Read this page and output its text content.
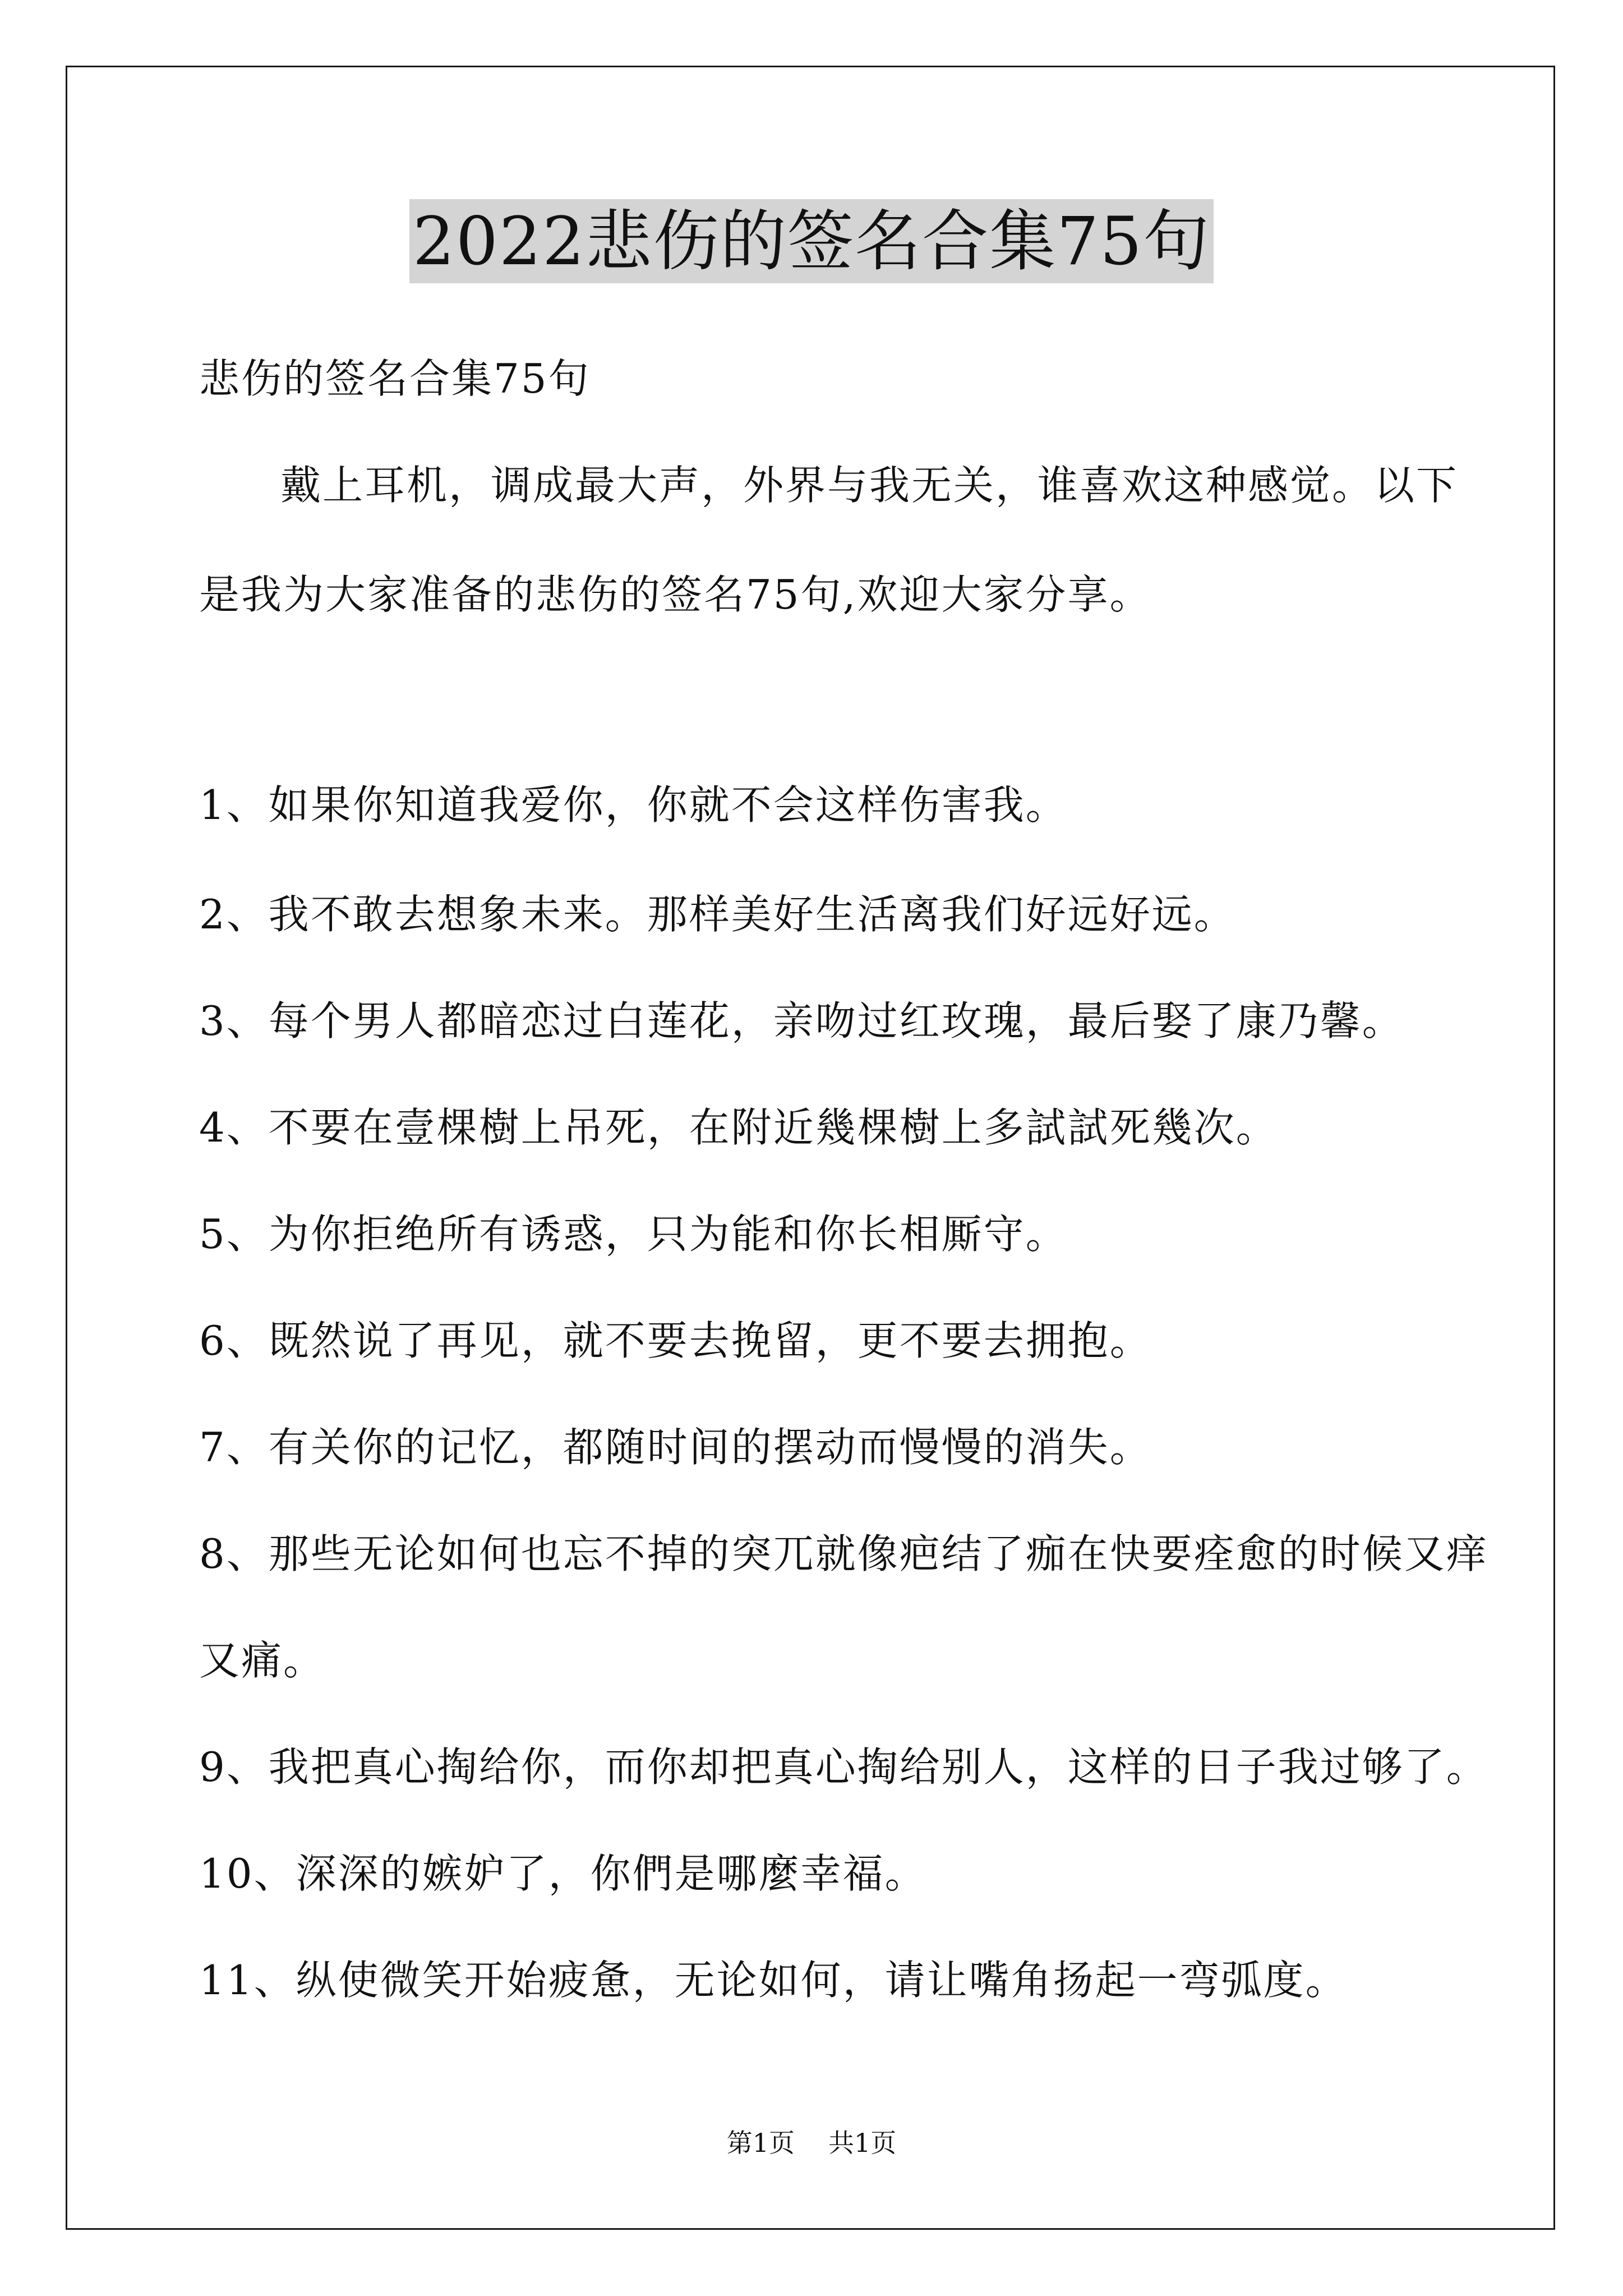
2022悲伤的签名合集75句

悲伤的签名合集75句

戴上耳机，调成最大声，外界与我无关，谁喜欢这种感觉。以下

是我为大家准备的悲伤的签名75句,欢迎大家分享。

1、如果你知道我爱你，你就不会这样伤害我。

2、我不敢去想象未来。那样美好生活离我们好远好远。

3、每个男人都暗恋过白莲花，亲吻过红玫瑰，最后娶了康乃馨。

4、不要在壹棵樹上吊死，在附近幾棵樹上多試試死幾次。

5、为你拒绝所有诱惑，只为能和你长相厮守。

6、既然说了再见，就不要去挽留，更不要去拥抱。

7、有关你的记忆，都随时间的摆动而慢慢的消失。

8、那些无论如何也忘不掉的突兀就像疤结了痂在快要痊愈的时候又痒

又痛。

9、我把真心掏给你，而你却把真心掏给别人，这样的日子我过够了。

10、深深的嫉妒了，你們是哪麼幸福。

11、纵使微笑开始疲惫，无论如何，请让嘴角扬起一弯弧度。

第1页 共1页
